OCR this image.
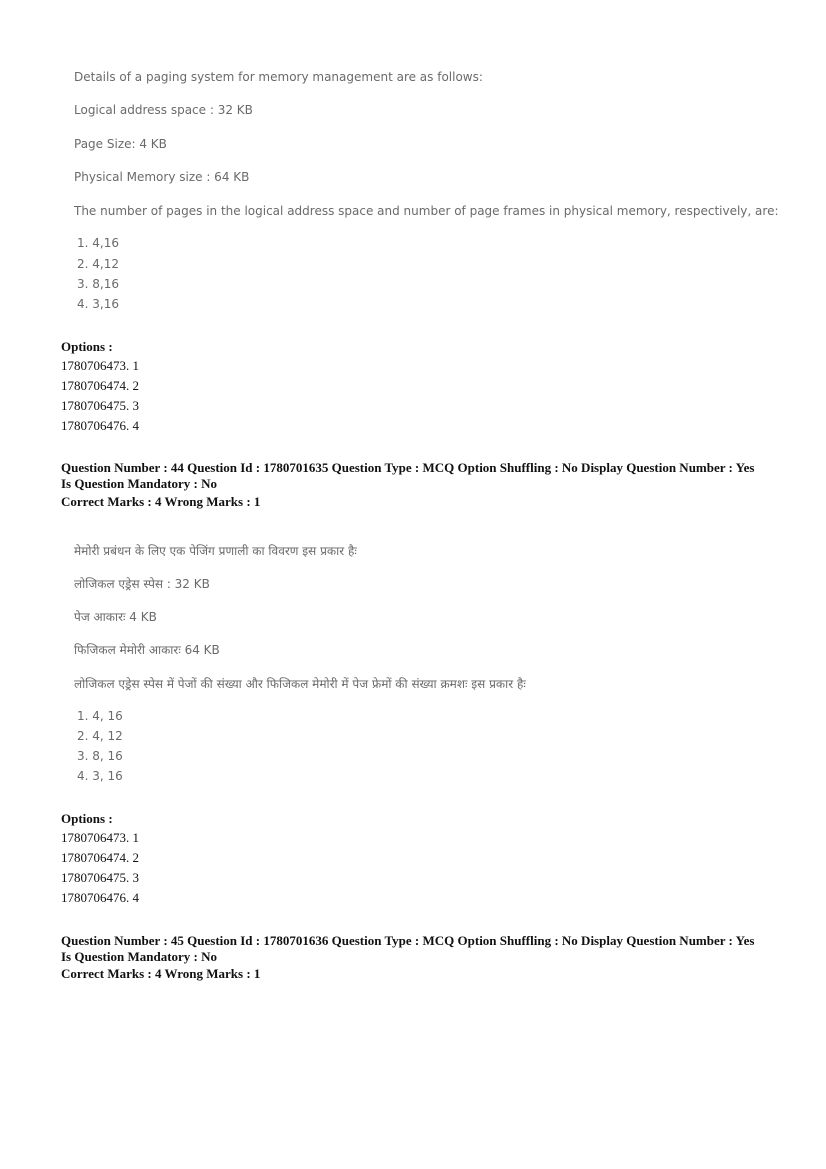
Details of a paging system for memory management are as follows:
Logical address space : 32 KB
Page Size: 4 KB
Physical Memory size : 64 KB
The number of pages in the logical address space and number of page frames in physical memory, respectively, are:
1. 4,16
2. 4,12
3. 8,16
4. 3,16
Options :
1780706473. 1
1780706474. 2
1780706475. 3
1780706476. 4
Question Number : 44 Question Id : 1780701635 Question Type : MCQ Option Shuffling : No Display Question Number : Yes
Is Question Mandatory : No
Correct Marks : 4 Wrong Marks : 1
मेमोरी प्रबंधन के लिए एक पेजिंग प्रणाली का विवरण इस प्रकार हैः
लोजिकल एड्रेस स्पेस : 32 KB
पेज आकारः 4 KB
फिजिकल मेमोरी आकारः 64 KB
लोजिकल एड्रेस स्पेस में पेजों की संख्या और फिजिकल मेमोरी में पेज फ्रेमों की संख्या क्रमशः इस प्रकार हैः
1. 4, 16
2. 4, 12
3. 8, 16
4. 3, 16
Options :
1780706473. 1
1780706474. 2
1780706475. 3
1780706476. 4
Question Number : 45 Question Id : 1780701636 Question Type : MCQ Option Shuffling : No Display Question Number : Yes
Is Question Mandatory : No
Correct Marks : 4 Wrong Marks : 1
